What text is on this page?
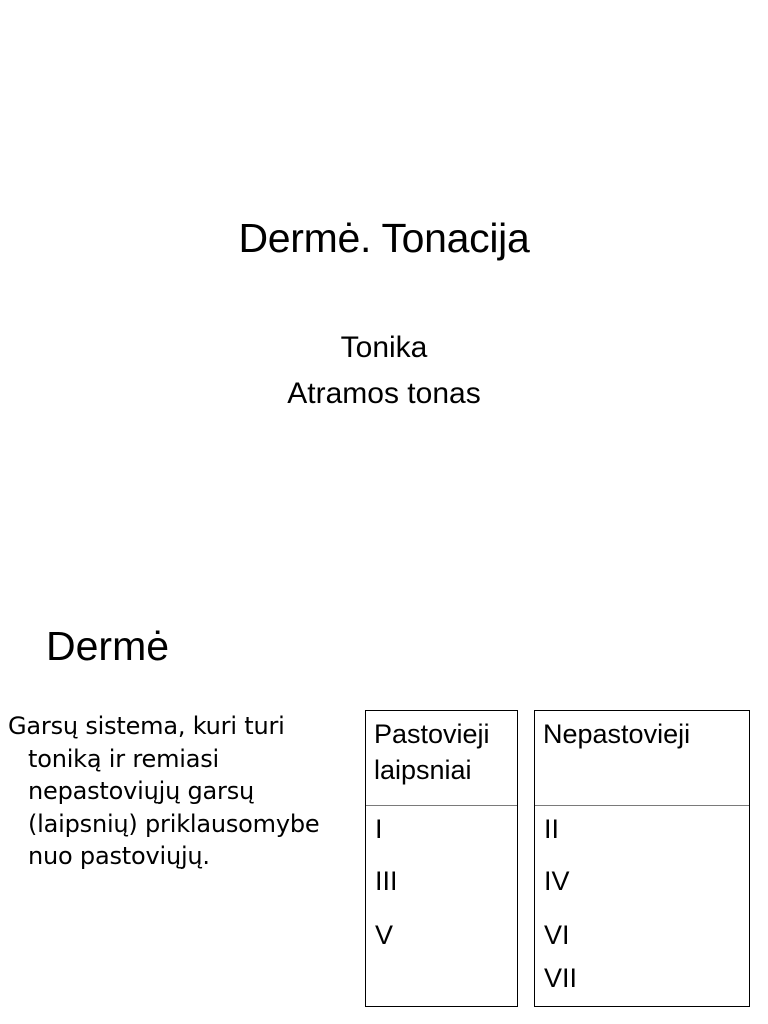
Dermė. Tonacija
Tonika
Atramos tonas
Dermė
Garsų sistema, kuri turi toniką ir remiasi nepastoviųjų garsų (laipsnių) priklausomybe nuo pastoviųjų.
Pastovieji laipsniai
I
III
V
Nepastovieji
II
IV
VI
VII
